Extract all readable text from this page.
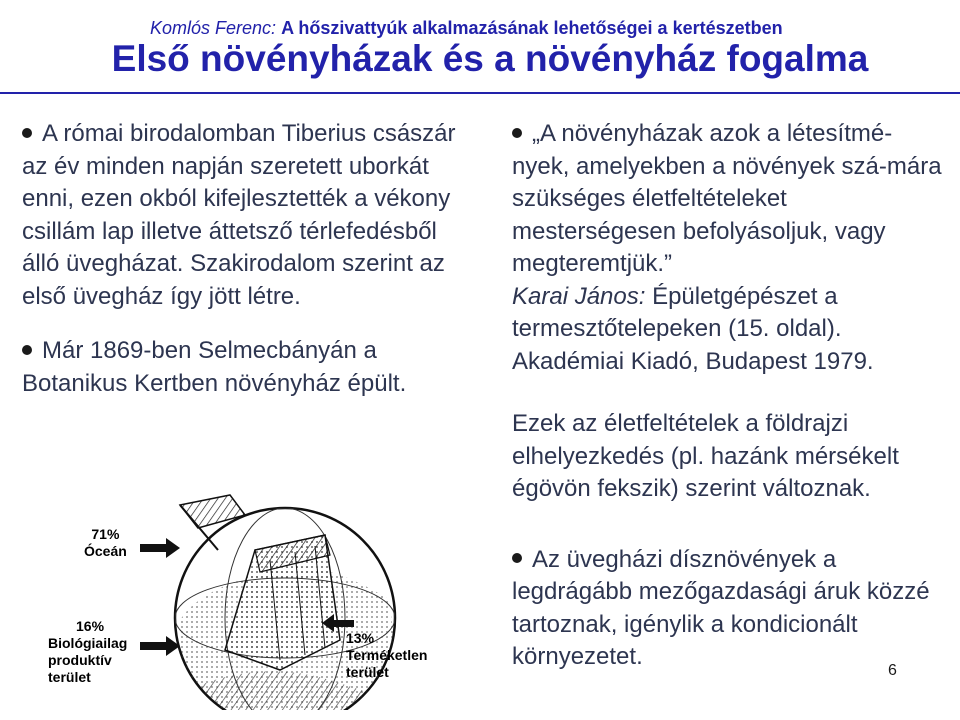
Komlós Ferenc: A hőszivattyúk alkalmazásának lehetőségei a kertészetben
Első növényházak és a növényház fogalma

A római birodalomban Tiberius császár az év minden napján szeretett uborkát enni, ezen okból kifejlesztették a vékony csillám lap illetve áttetsző térlefedésből álló üvegházat. Szakirodalom szerint az első üvegház így jött létre.

Már 1869-ben Selmecbányán a Botanikus Kertben növényház épült.

„A növényházak azok a létesítmé-nyek, amelyekben a növények szá-mára szükséges életfeltételeket mesterségesen befolyásoljuk, vagy megteremtjük.”

Karai János: Épületgépészet a termesztőtelepeken (15. oldal). Akadémiai Kiadó, Budapest 1979.

Ezek az életfeltételek a földrajzi elhelyezkedés (pl. hazánk mérsékelt égövön fekszik) szerint változnak.

Az üvegházi dísznövények a legdrágább mezőgazdasági áruk közzé tartoznak, igénylik a kondicionált környezetet.

71%
Óceán
16%
Biológiailag
produktív
terület
13%
Terméketlen
terület	6
